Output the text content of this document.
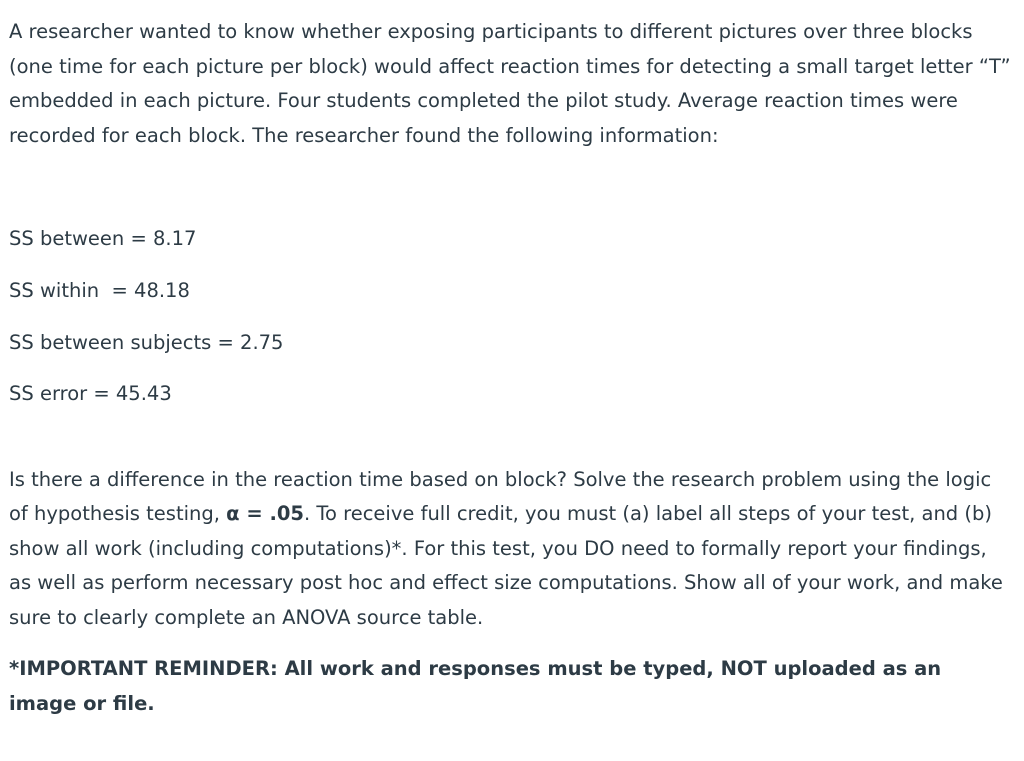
A researcher wanted to know whether exposing participants to different pictures over three blocks (one time for each picture per block) would affect reaction times for detecting a small target letter “T” embedded in each picture. Four students completed the pilot study. Average reaction times were recorded for each block. The researcher found the following information:

SS between = 8.17

SS within  = 48.18

SS between subjects = 2.75

SS error = 45.43

Is there a difference in the reaction time based on block? Solve the research problem using the logic of hypothesis testing, α = .05. To receive full credit, you must (a) label all steps of your test, and (b) show all work (including computations)*. For this test, you DO need to formally report your findings, as well as perform necessary post hoc and effect size computations. Show all of your work, and make sure to clearly complete an ANOVA source table.

*IMPORTANT REMINDER: All work and responses must be typed, NOT uploaded as an image or file.
